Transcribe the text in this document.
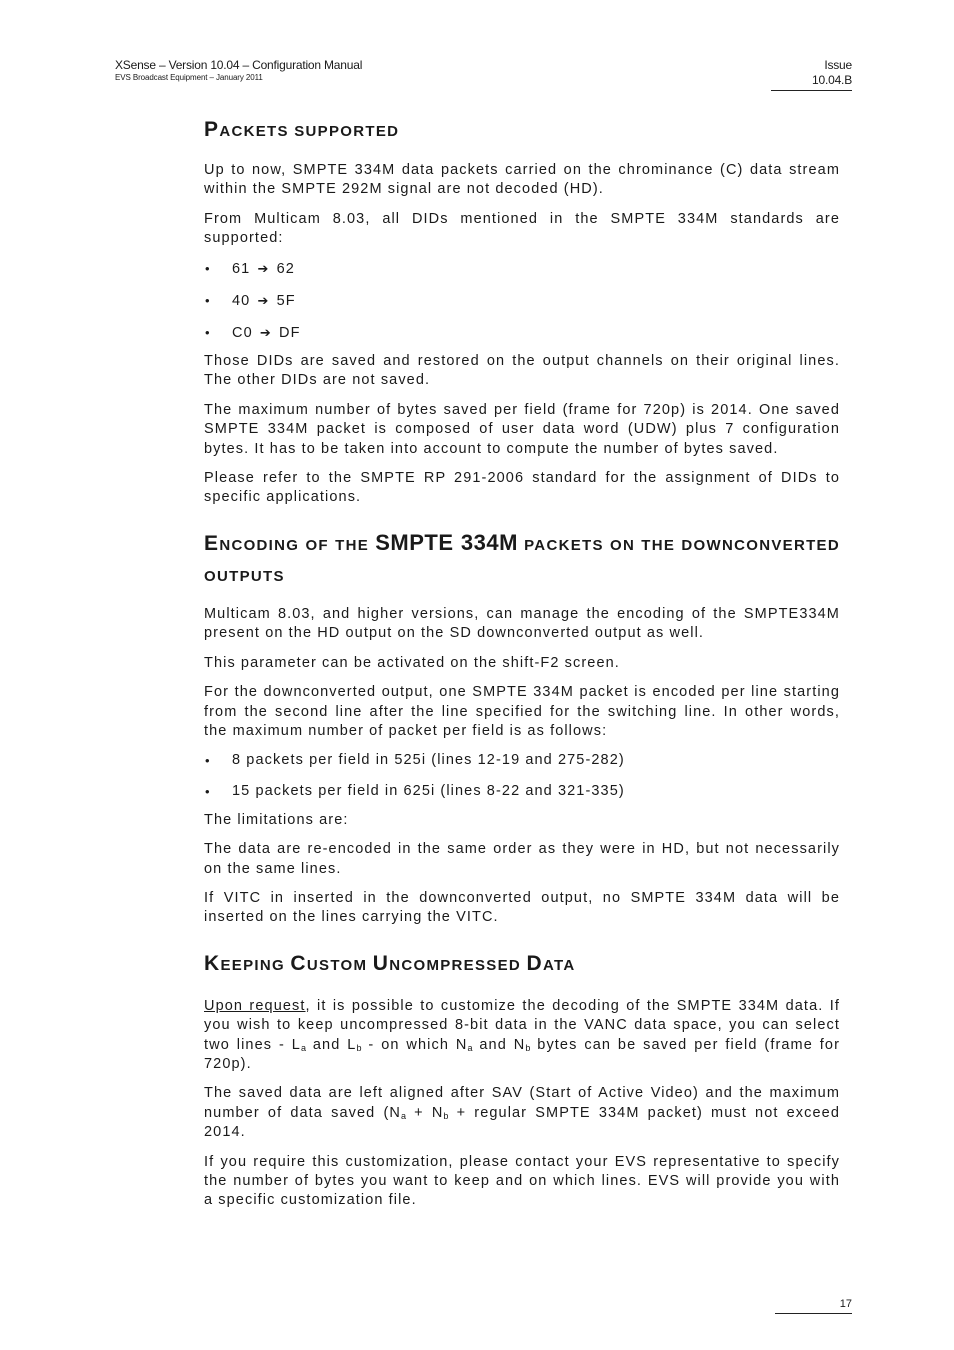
XSense – Version 10.04 – Configuration Manual
EVS Broadcast Equipment – January 2011
Issue
10.04.B
PACKETS SUPPORTED

Up to now, SMPTE 334M data packets carried on the chrominance (C) data stream within the SMPTE 292M signal are not decoded (HD).

From Multicam 8.03, all DIDs mentioned in the SMPTE 334M standards are supported:

• 61 ➔ 62
• 40 ➔ 5F
• C0 ➔ DF

Those DIDs are saved and restored on the output channels on their original lines. The other DIDs are not saved.

The maximum number of bytes saved per field (frame for 720p) is 2014. One saved SMPTE 334M packet is composed of user data word (UDW) plus 7 configuration bytes. It has to be taken into account to compute the number of bytes saved.

Please refer to the SMPTE RP 291-2006 standard for the assignment of DIDs to specific applications.

ENCODING OF THE SMPTE 334M PACKETS ON THE DOWNCONVERTED OUTPUTS

Multicam 8.03, and higher versions, can manage the encoding of the SMPTE334M present on the HD output on the SD downconverted output as well.

This parameter can be activated on the shift-F2 screen.

For the downconverted output, one SMPTE 334M packet is encoded per line starting from the second line after the line specified for the switching line. In other words, the maximum number of packet per field is as follows:

• 8 packets per field in 525i (lines 12-19 and 275-282)
• 15 packets per field in 625i (lines 8-22 and 321-335)

The limitations are:

The data are re-encoded in the same order as they were in HD, but not necessarily on the same lines.

If VITC in inserted in the downconverted output, no SMPTE 334M data will be inserted on the lines carrying the VITC.

KEEPING CUSTOM UNCOMPRESSED DATA

Upon request, it is possible to customize the decoding of the SMPTE 334M data. If you wish to keep uncompressed 8-bit data in the VANC data space, you can select two lines - $L_a$ and $L_b$ - on which $N_a$ and $N_b$ bytes can be saved per field (frame for 720p).

The saved data are left aligned after SAV (Start of Active Video) and the maximum number of data saved ($N_a + N_b$ + regular SMPTE 334M packet) must not exceed 2014.

If you require this customization, please contact your EVS representative to specify the number of bytes you want to keep and on which lines. EVS will provide you with a specific customization file.

17
